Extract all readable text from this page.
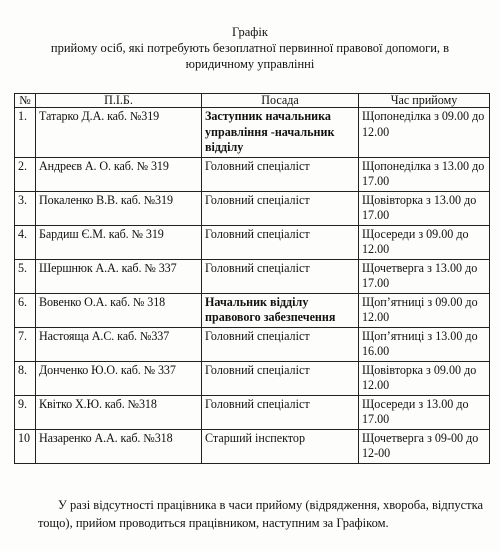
Графік
прийому осіб, які потребують безоплатної первинної правової допомоги, в
юридичному управлінні
№	П.І.Б.	Посада	Час прийому
1.	Татарко Д.А. каб. №319	Заступник начальника управління -начальник відділу	Щопонеділка з 09.00 до 12.00
2.	Андреєв А. О. каб. № 319	Головний спеціаліст	Щопонеділка з 13.00 до 17.00
3.	Покаленко В.В. каб. №319	Головний спеціаліст	Щовівторка з 13.00 до 17.00
4.	Бардиш Є.М. каб. № 319	Головний спеціаліст	Щосереди з 09.00 до 12.00
5.	Шершнюк А.А. каб. № 337	Головний спеціаліст	Щочетверга з 13.00 до 17.00
6.	Вовенко О.А. каб. № 318	Начальник відділу правового забезпечення	Щоп’ятниці з 09.00 до 12.00
7.	Настояща А.С. каб. №337	Головний спеціаліст	Щоп’ятниці з 13.00 до 16.00
8.	Донченко Ю.О. каб. № 337	Головний спеціаліст	Щовівторка з 09.00 до 12.00
9.	Квітко Х.Ю. каб. №318	Головний спеціаліст	Щосереди з 13.00 до 17.00
10	Назаренко А.А. каб. №318	Старший інспектор	Щочетверга з 09-00 до 12-00
У разі відсутності працівника в часи прийому (відрядження, хвороба, відпустка тощо), прийом проводиться працівником, наступним за Графіком.
